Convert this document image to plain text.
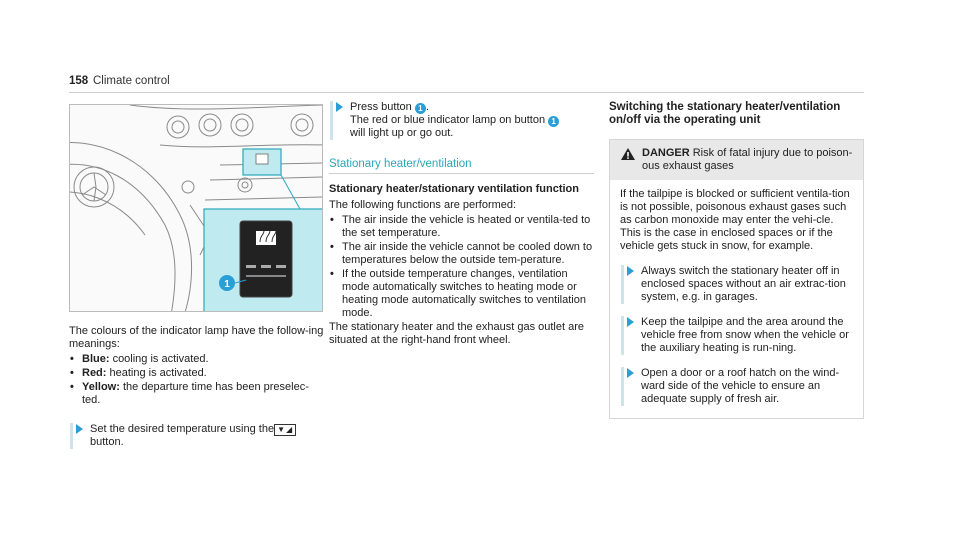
158 Climate control
1

The colours of the indicator lamp have the follow-ing meanings:

• Blue: cooling is activated.
• Red: heating is activated.
• Yellow: the departure time has been preselec-ted.
Set the desired temperature using the ▼◢
button.
Press button 1 .
The red or blue indicator lamp on button 1
will light up or go out.
Stationary heater/ventilation
Stationary heater/stationary ventilation function

The following functions are performed:

• The air inside the vehicle is heated or ventila-ted to the set temperature.
• The air inside the vehicle cannot be cooled down to temperatures below the outside tem-perature.
• If the outside temperature changes, ventilation mode automatically switches to heating mode or heating mode automatically switches to ventilation mode.

The stationary heater and the exhaust gas outlet are situated at the right-hand front wheel.

Switching the stationary heater/ventilation on/off via the operating unit
DANGER Risk of fatal injury due to poison-ous exhaust gases

If the tailpipe is blocked or sufficient ventila-tion is not possible, poisonous exhaust gases such as carbon monoxide may enter the vehi-cle. This is the case in enclosed spaces or if the vehicle gets stuck in snow, for example.

Always switch the stationary heater off in enclosed spaces without an air extrac-tion system, e.g. in garages.
Keep the tailpipe and the area around the vehicle free from snow when the vehicle or the auxiliary heating is run-ning.
Open a door or a roof hatch on the wind-ward side of the vehicle to ensure an adequate supply of fresh air.
